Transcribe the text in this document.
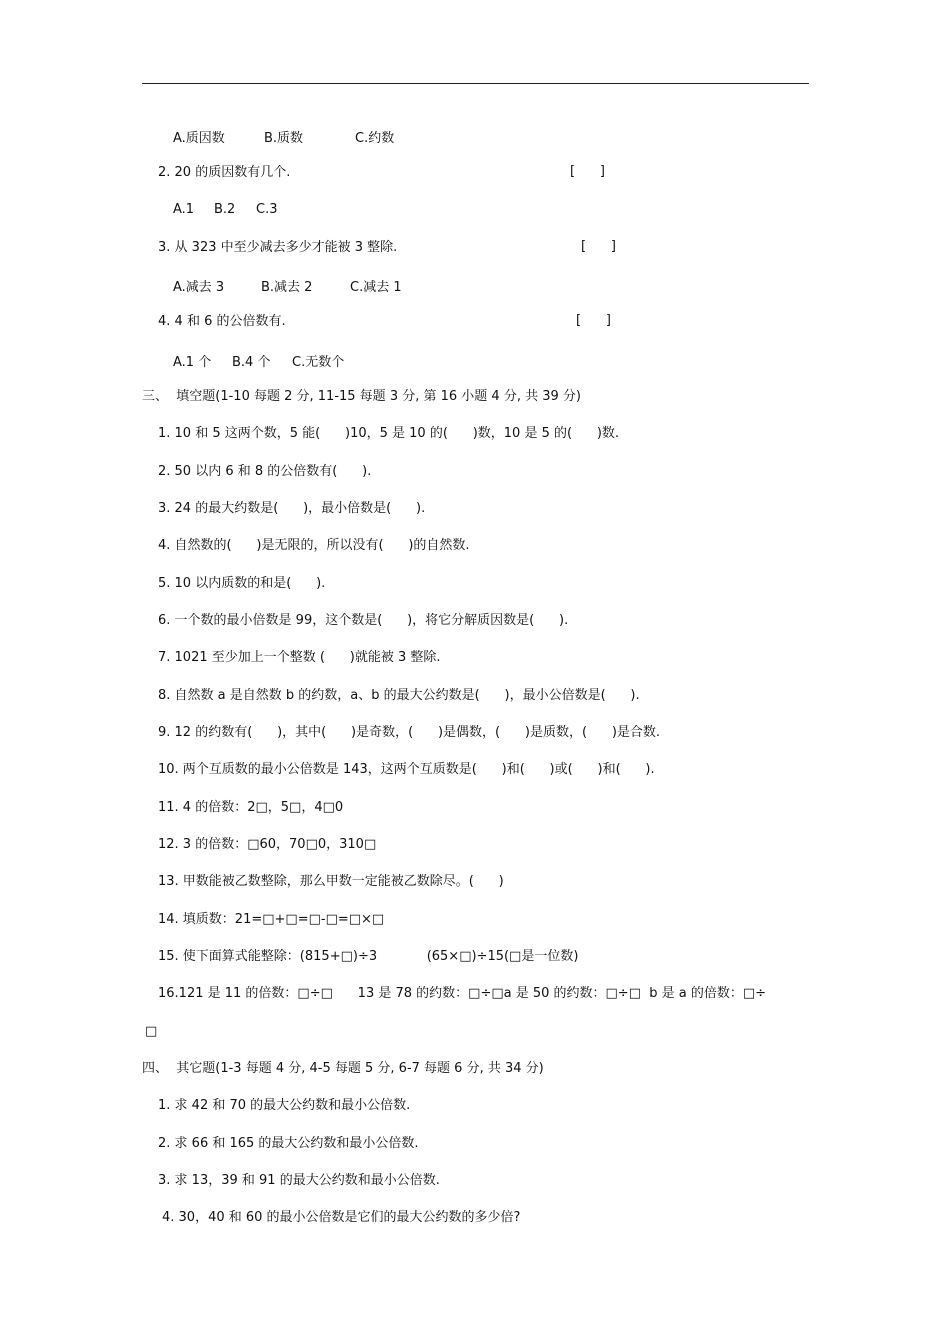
A.质因数	B.质数	C.约数
2. 20 的质因数有几个.	[      ]
A.1 B.2 C.3
3. 从 323 中至少减去多少才能被 3 整除.	[      ]
A.减去 3	B.减去 2	C.减去 1
4. 4 和 6 的公倍数有.	[      ]
A.1 个 B.4 个 C.无数个
三、  填空题(1-10 每题 2 分, 11-15 每题 3 分, 第 16 小题 4 分, 共 39 分)
1. 10 和 5 这两个数，5 能(      )10，5 是 10 的(      )数，10 是 5 的(      )数.
2. 50 以内 6 和 8 的公倍数有(      ).
3. 24 的最大约数是(      )，最小倍数是(      ).
4. 自然数的(      )是无限的，所以没有(      )的自然数.
5. 10 以内质数的和是(      ).
6. 一个数的最小倍数是 99，这个数是(      )，将它分解质因数是(      ).
7. 1021 至少加上一个整数 (      )就能被 3 整除.
8. 自然数 a 是自然数 b 的约数，a、b 的最大公约数是(      )，最小公倍数是(      ).
9. 12 的约数有(      )，其中(      )是奇数，(      )是偶数，(      )是质数，(      )是合数.
10. 两个互质数的最小公倍数是 143，这两个互质数是(      )和(      )或(      )和(      ).
11. 4 的倍数：2□，5□，4□0
12. 3 的倍数：□60，70□0，310□
13. 甲数能被乙数整除，那么甲数一定能被乙数除尽。(      )
14. 填质数：21=□+□=□-□=□×□
15. 使下面算式能整除：(815+□)÷3            (65×□)÷15(□是一位数)
16.121 是 11 的倍数：□÷□      13 是 78 的约数：□÷□a 是 50 的约数：□÷□  b 是 a 的倍数：□÷
□
四、  其它题(1-3 每题 4 分, 4-5 每题 5 分, 6-7 每题 6 分, 共 34 分)
1. 求 42 和 70 的最大公约数和最小公倍数.
2. 求 66 和 165 的最大公约数和最小公倍数.
3. 求 13，39 和 91 的最大公约数和最小公倍数.
4. 30，40 和 60 的最小公倍数是它们的最大公约数的多少倍?
